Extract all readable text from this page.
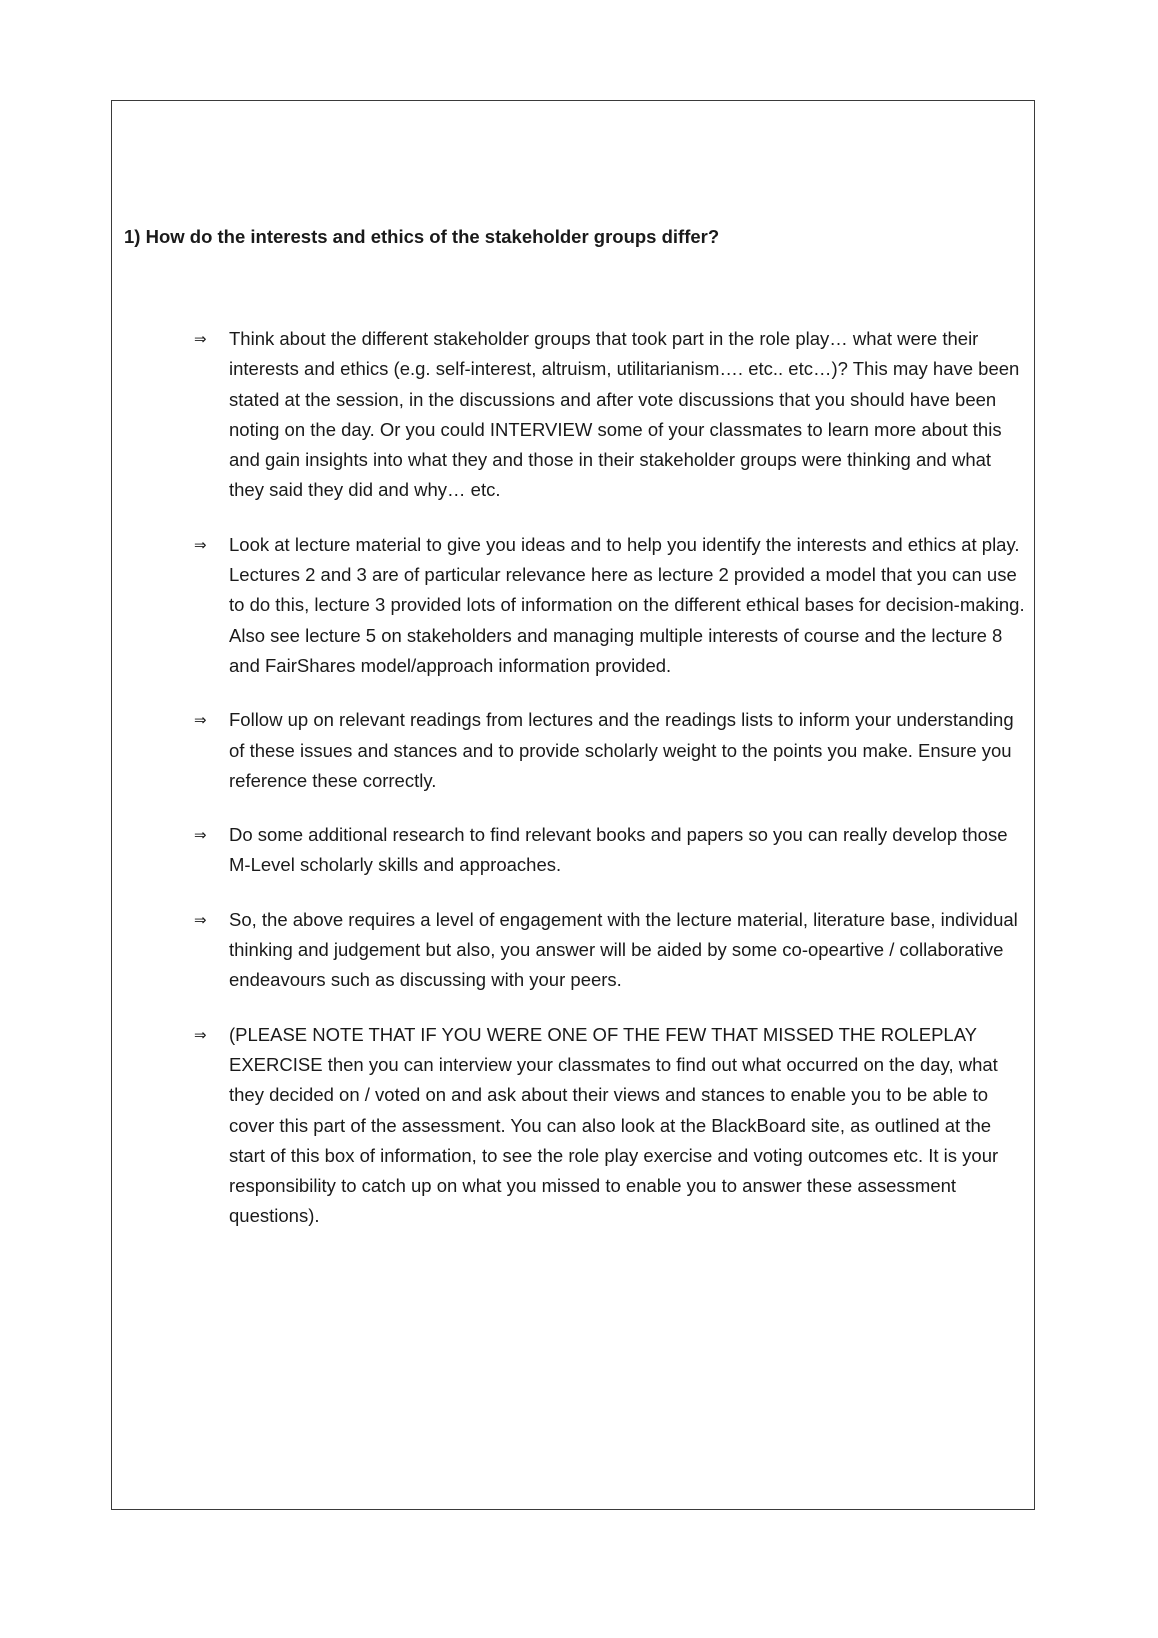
1) How do the interests and ethics of the stakeholder groups differ?

⇒ Think about the different stakeholder groups that took part in the role play… what were their interests and ethics (e.g. self-interest, altruism, utilitarianism…. etc.. etc…)? This may have been stated at the session, in the discussions and after vote discussions that you should have been noting on the day. Or you could INTERVIEW some of your classmates to learn more about this and gain insights into what they and those in their stakeholder groups were thinking and what they said they did and why… etc.
⇒ Look at lecture material to give you ideas and to help you identify the interests and ethics at play. Lectures 2 and 3 are of particular relevance here as lecture 2 provided a model that you can use to do this, lecture 3 provided lots of information on the different ethical bases for decision-making. Also see lecture 5 on stakeholders and managing multiple interests of course and the lecture 8 and FairShares model/approach information provided.
⇒ Follow up on relevant readings from lectures and the readings lists to inform your understanding of these issues and stances and to provide scholarly weight to the points you make. Ensure you reference these correctly.
⇒ Do some additional research to find relevant books and papers so you can really develop those M-Level scholarly skills and approaches.
⇒ So, the above requires a level of engagement with the lecture material, literature base, individual thinking and judgement but also, you answer will be aided by some co-opeartive / collaborative endeavours such as discussing with your peers.
⇒ (PLEASE NOTE THAT IF YOU WERE ONE OF THE FEW THAT MISSED THE ROLEPLAY EXERCISE then you can interview your classmates to find out what occurred on the day, what they decided on / voted on and ask about their views and stances to enable you to be able to cover this part of the assessment. You can also look at the BlackBoard site, as outlined at the start of this box of information, to see the role play exercise and voting outcomes etc. It is your responsibility to catch up on what you missed to enable you to answer these assessment questions).
